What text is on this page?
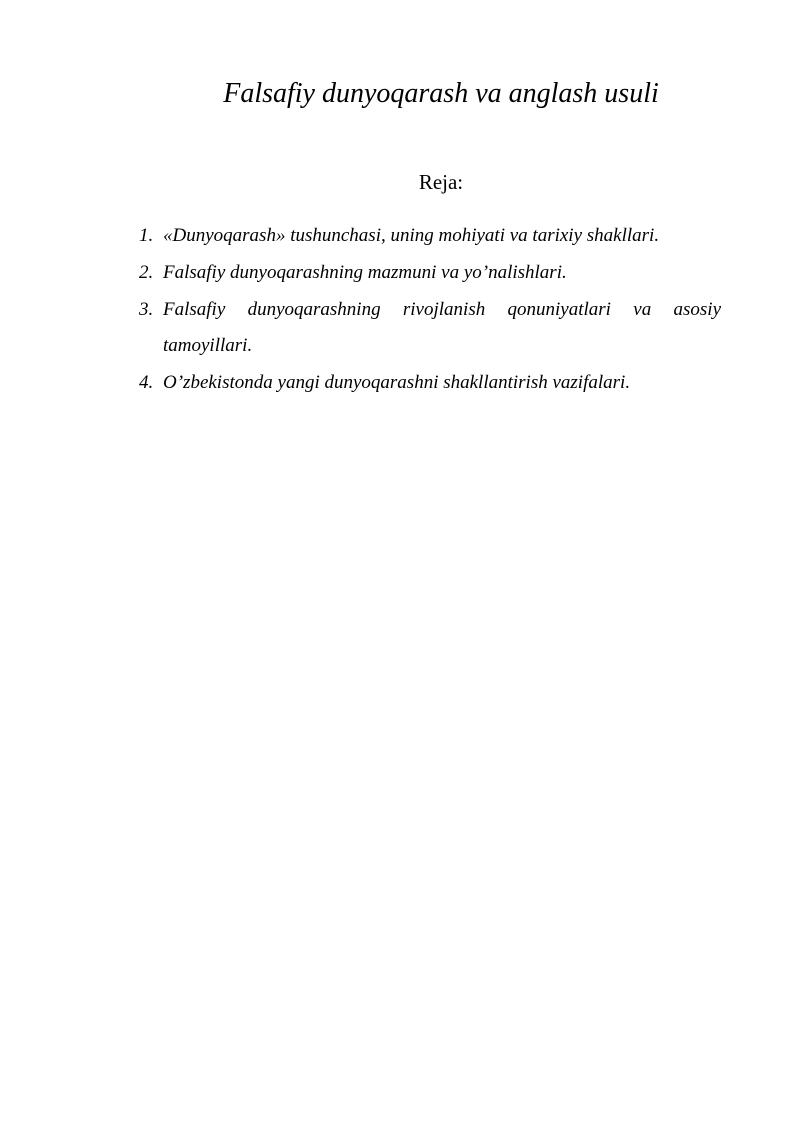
Falsafiy dunyoqarash va anglash usuli
Reja:
1. «Dunyoqarash» tushunchasi, uning mohiyati va tarixiy shakllari.
2. Falsafiy dunyoqarashning mazmuni va yo’nalishlari.
3. Falsafiy dunyoqarashning rivojlanish qonuniyatlari va asosiy tamoyillari.
4. O’zbekistonda yangi dunyoqarashni shakllantirish vazifalari.
